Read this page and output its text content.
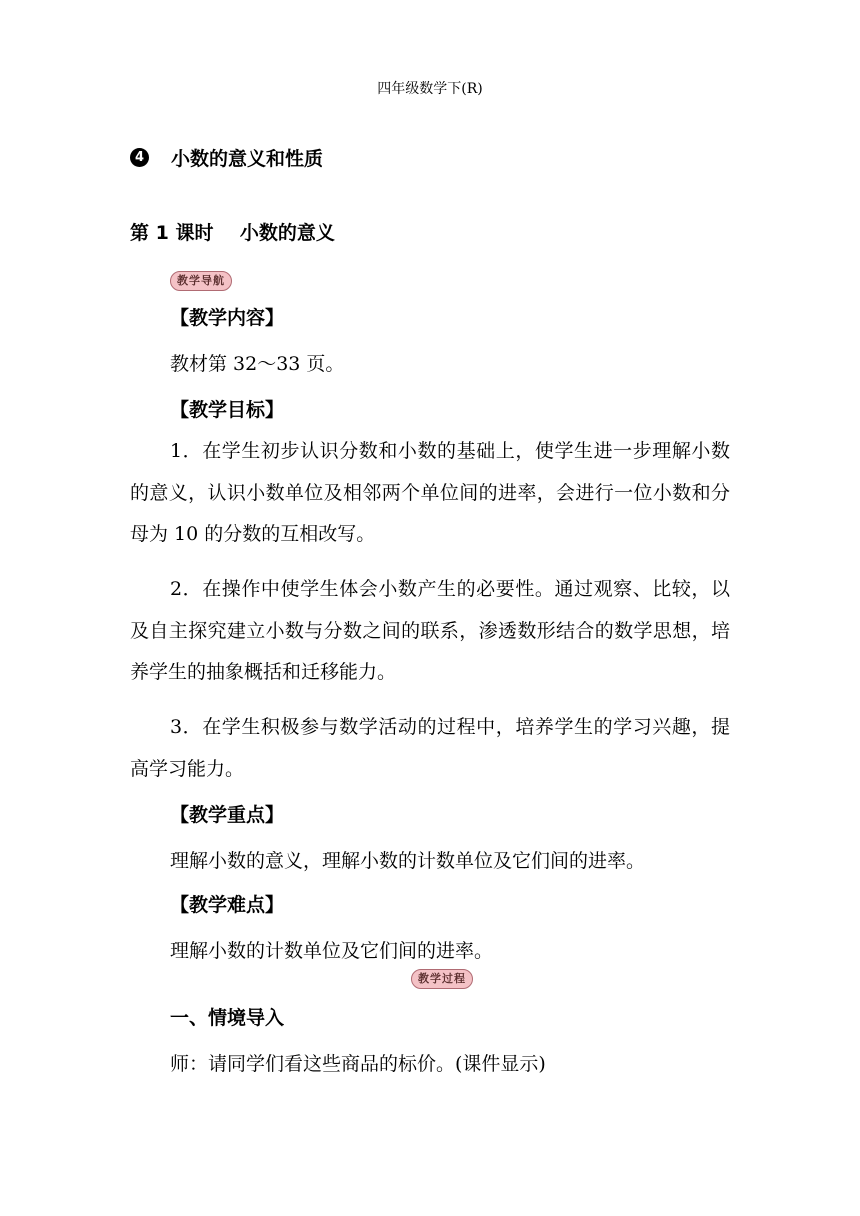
四年级数学下(R)
4 小数的意义和性质
第 1 课时    小数的意义
教学导航
【教学内容】
教材第 32～33 页。
【教学目标】
1．在学生初步认识分数和小数的基础上，使学生进一步理解小数的意义，认识小数单位及相邻两个单位间的进率，会进行一位小数和分母为 10 的分数的互相改写。
2．在操作中使学生体会小数产生的必要性。通过观察、比较，以及自主探究建立小数与分数之间的联系，渗透数形结合的数学思想，培养学生的抽象概括和迁移能力。
3．在学生积极参与数学活动的过程中，培养学生的学习兴趣，提高学习能力。
【教学重点】
理解小数的意义，理解小数的计数单位及它们间的进率。
【教学难点】
理解小数的计数单位及它们间的进率。
教学过程
一、情境导入
师：请同学们看这些商品的标价。(课件显示)
